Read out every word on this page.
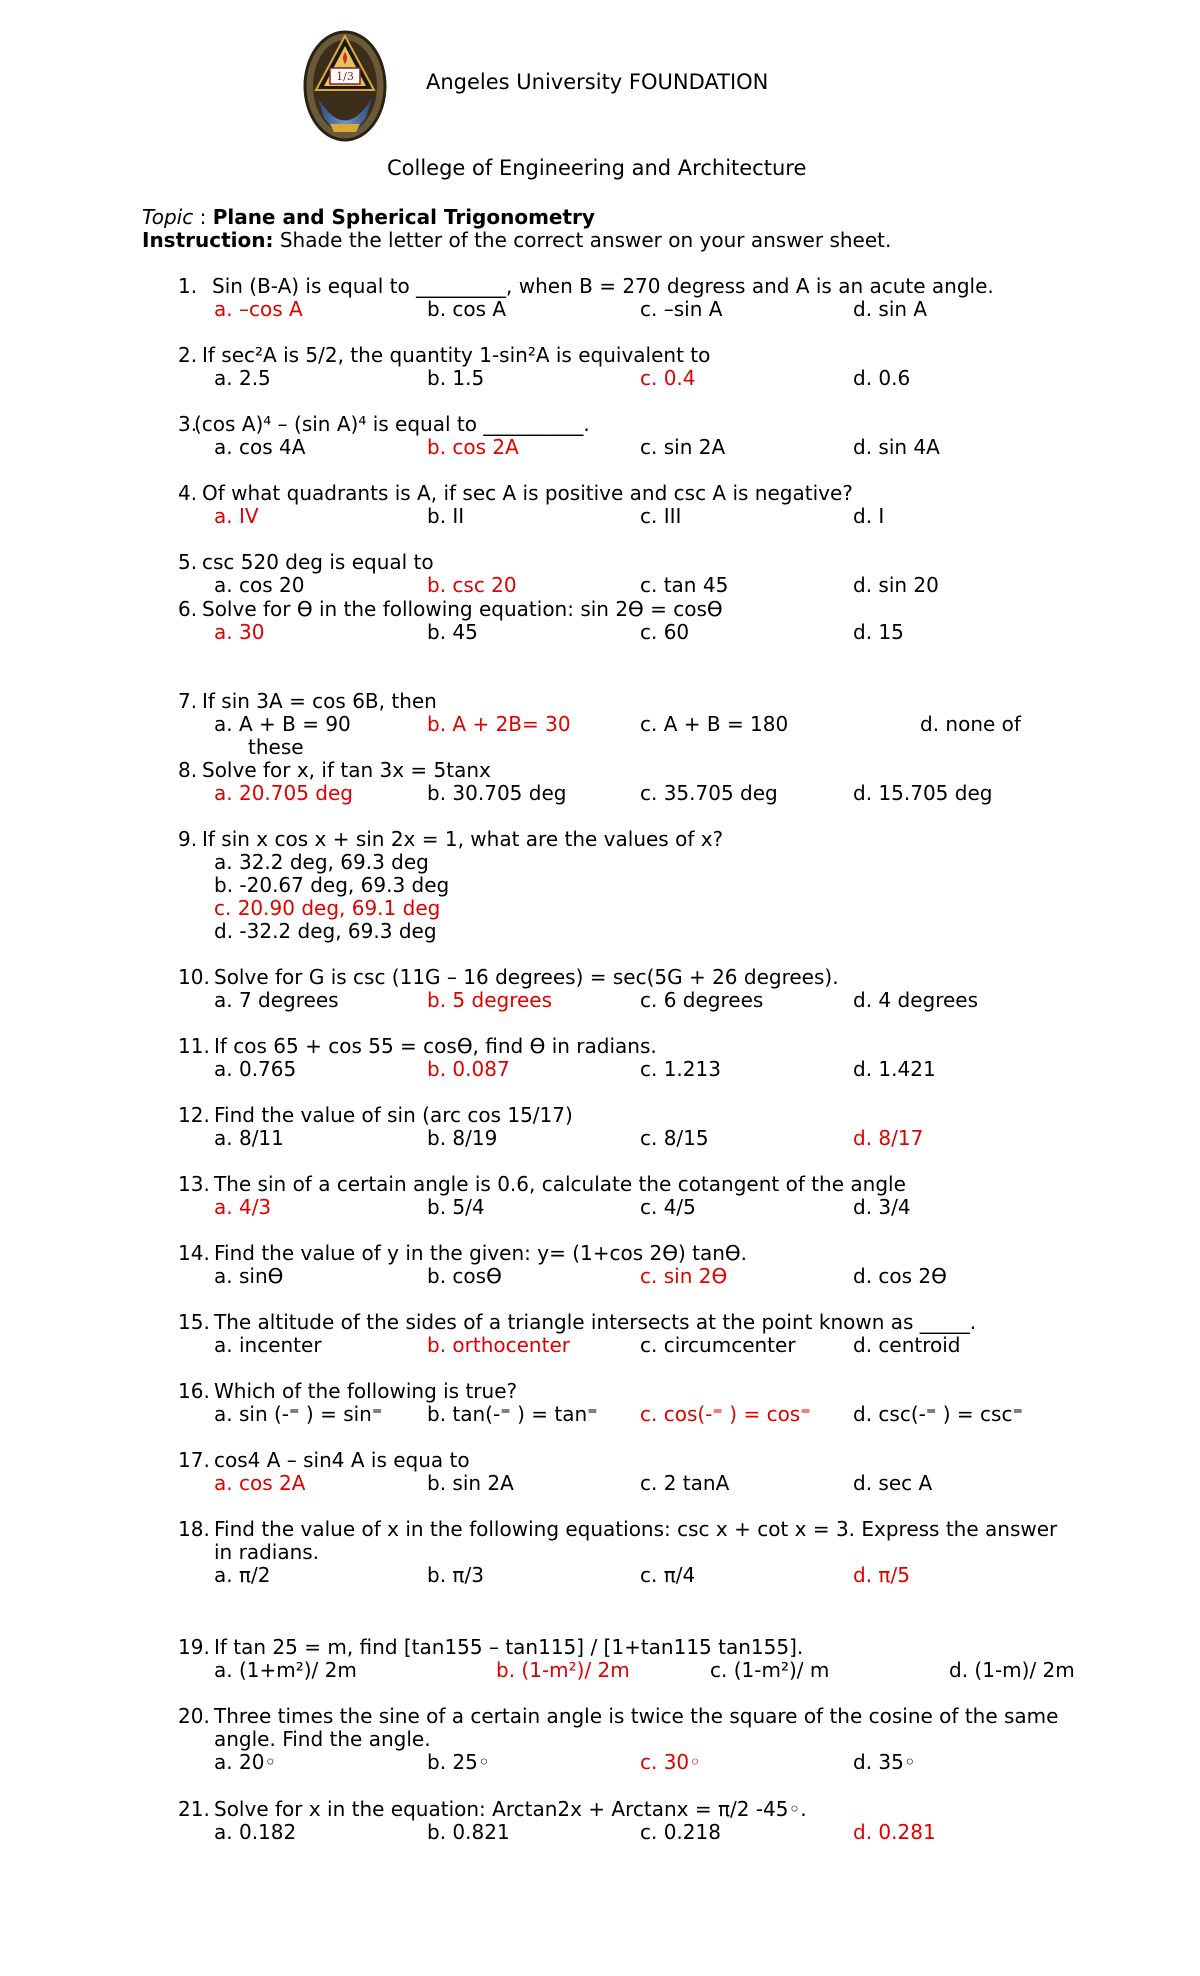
1/3	Angeles University FOUNDATION
College of Engineering and Architecture
Topic : Plane and Spherical Trigonometry
Instruction: Shade the letter of the correct answer on your answer sheet.
1. Sin (B-A) is equal to _________, when B = 270 degress and A is an acute angle.
a. –cos A	b. cos A	c. –sin A	d. sin A
2. If sec²A is 5/2, the quantity 1-sin²A is equivalent to
a. 2.5	b. 1.5	c. 0.4	d. 0.6
3.
(cos A)⁴ – (sin A)⁴ is equal to __________.
a. cos 4A	b. cos 2A	c. sin 2A	d. sin 4A
4. Of what quadrants is A, if sec A is positive and csc A is negative?
a. IV	b. II	c. III	d. I
5. csc 520 deg is equal to
a. cos 20	b. csc 20	c. tan 45	d. sin 20
6. Solve for ϴ in the following equation: sin 2ϴ = cosϴ
a. 30	b. 45	c. 60	d. 15
7. If sin 3A = cos 6B, then
a. A + B = 90	b. A + 2B= 30	c. A + B = 180	d. none of
these
8. Solve for x, if tan 3x = 5tanx
a. 20.705 deg	b. 30.705 deg	c. 35.705 deg	d. 15.705 deg
9. If sin x cos x + sin 2x = 1, what are the values of x?
a. 32.2 deg, 69.3 deg
b. -20.67 deg, 69.3 deg
c. 20.90 deg, 69.1 deg
d. -32.2 deg, 69.3 deg
10. Solve for G is csc (11G – 16 degrees) = sec(5G + 26 degrees).
a. 7 degrees	b. 5 degrees	c. 6 degrees	d. 4 degrees
11. If cos 65 + cos 55 = cosϴ, find ϴ in radians.
a. 0.765	b. 0.087	c. 1.213	d. 1.421
12. Find the value of sin (arc cos 15/17)
a. 8/11	b. 8/19	c. 8/15	d. 8/17
13. The sin of a certain angle is 0.6, calculate the cotangent of the angle
a. 4/3	b. 5/4	c. 4/5	d. 3/4
14. Find the value of y in the given: y= (1+cos 2ϴ) tanϴ.
a. sinϴ	b. cosϴ	c. sin 2ϴ	d. cos 2ϴ
15. The altitude of the sides of a triangle intersects at the point known as _____.
a. incenter	b. orthocenter	c. circumcenter	d. centroid
16. Which of the following is true?
a. sin (-⁼ ) = sin⁼ b. tan(-⁼ ) = tan⁼ c. cos(-⁼ ) = cos⁼ d. csc(-⁼ ) = csc⁼
17. cos4 A – sin4 A is equa to
a. cos 2A	b. sin 2A	c. 2 tanA	d. sec A
18. Find the value of x in the following equations: csc x + cot x = 3. Express the answer
in radians.
a. π/2	b. π/3	c. π/4	d. π/5
19. If tan 25 = m, find [tan155 – tan115] / [1+tan115 tan155].
a. (1+m²)/ 2m	b. (1-m²)/ 2m	c. (1-m²)/ m	d. (1-m)/ 2m
20. Three times the sine of a certain angle is twice the square of the cosine of the same
angle. Find the angle.
a. 20◦	b. 25◦	c. 30◦	d. 35◦
21. Solve for x in the equation: Arctan2x + Arctanx = π/2 -45◦.
a. 0.182	b. 0.821	c. 0.218	d. 0.281
